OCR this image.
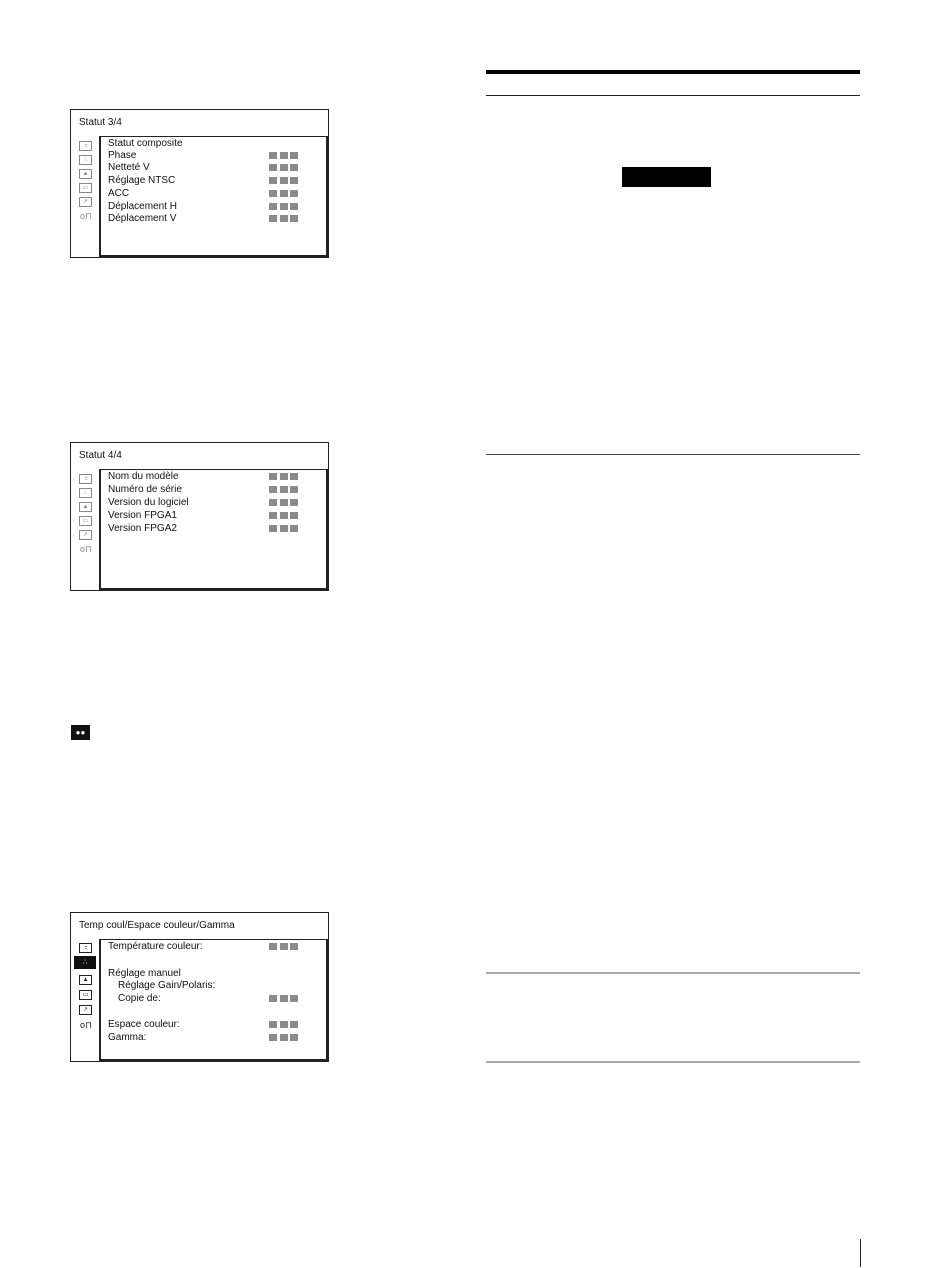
Statut 3/4
::::::
∴
▲
▭
↗
o⊓
Statut composite
Phase
Netteté V
Réglage NTSC
ACC
Déplacement H
Déplacement V
Statut 4/4
::::::
∴
▲
▭
↗
o⊓
Nom du modèle
Numéro de série
Version du logiciel
Version FPGA1
Version FPGA2
●●
Temp coul/Espace couleur/Gamma
::::::
∴
▲
▭
↗
o⊓
Température couleur:
Réglage manuel
Réglage Gain/Polaris:
Copie de:
Espace couleur:
Gamma:
